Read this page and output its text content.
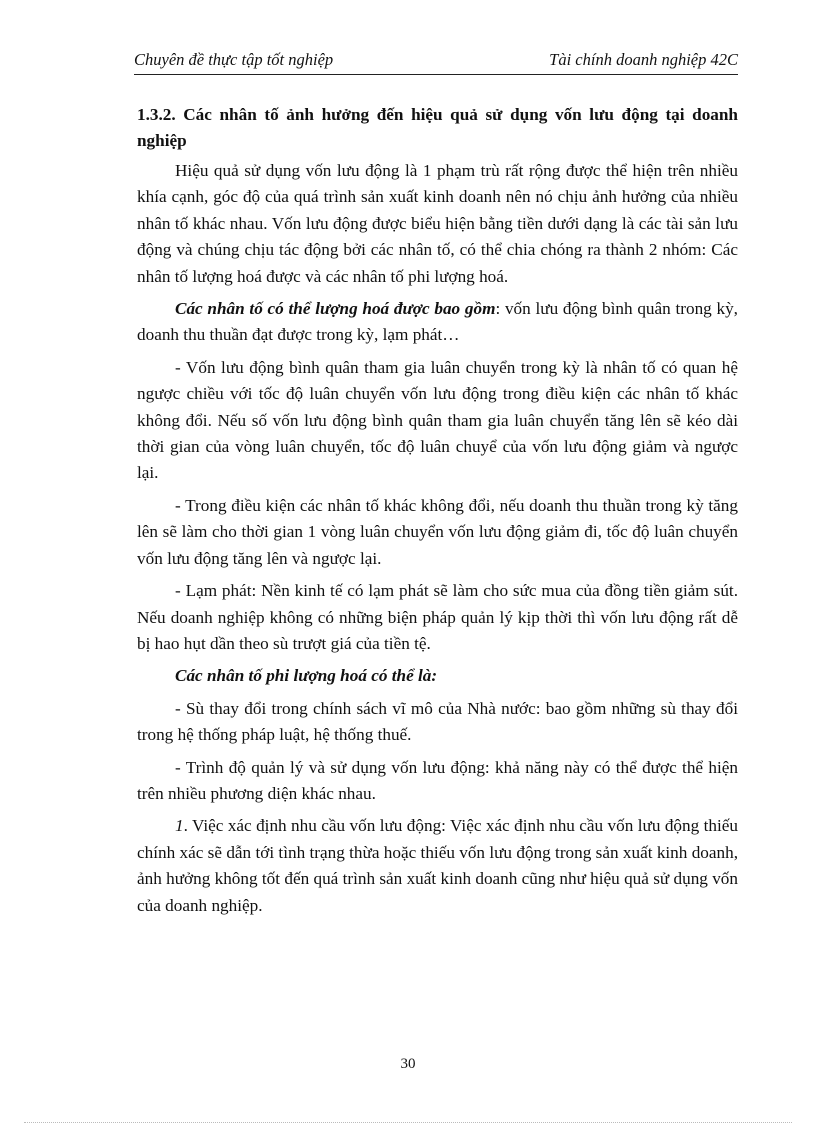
Chuyên đề thực tập tốt nghiệp	Tài chính doanh nghiệp 42C

1.3.2. Các nhân tố ảnh hưởng đến hiệu quả sử dụng vốn lưu động tại doanh nghiệp

Hiệu quả sử dụng vốn lưu động là 1 phạm trù rất rộng được thể hiện trên nhiều khía cạnh, góc độ của quá trình sản xuất kinh doanh nên nó chịu ảnh hưởng của nhiều nhân tố khác nhau. Vốn lưu động được biểu hiện bằng tiền dưới dạng là các tài sản lưu động và chúng chịu tác động bởi các nhân tố, có thể chia chóng ra thành 2 nhóm: Các nhân tố lượng hoá được và các nhân tố phi lượng hoá.

Các nhân tố có thể lượng hoá được bao gồm: vốn lưu động bình quân trong kỳ, doanh thu thuần đạt được trong kỳ, lạm phát…

- Vốn lưu động bình quân tham gia luân chuyển trong kỳ là nhân tố có quan hệ ngược chiều với tốc độ luân chuyển vốn lưu động trong điều kiện các nhân tố khác không đổi. Nếu số vốn lưu động bình quân tham gia luân chuyển tăng lên sẽ kéo dài thời gian của vòng luân chuyển, tốc độ luân chuyể của vốn lưu động giảm và ngược lại.

- Trong điều kiện các nhân tố khác không đổi, nếu doanh thu thuần trong kỳ tăng lên sẽ làm cho thời gian 1 vòng luân chuyển vốn lưu động giảm đi, tốc độ luân chuyển vốn lưu động tăng lên và ngược lại.

- Lạm phát: Nền kinh tế có lạm phát sẽ làm cho sức mua của đồng tiền giảm sút. Nếu doanh nghiệp không có những biện pháp quản lý kịp thời thì vốn lưu động rất dễ bị hao hụt dần theo sù trượt giá của tiền tệ.

Các nhân tố phi lượng hoá có thể là:

- Sù thay đổi trong chính sách vĩ mô của Nhà nước: bao gồm những sù thay đổi trong hệ thống pháp luật, hệ thống thuế.

- Trình độ quản lý và sử dụng vốn lưu động: khả năng này có thể được thể hiện trên nhiều phương diện khác nhau.

1. Việc xác định nhu cầu vốn lưu động: Việc xác định nhu cầu vốn lưu động thiếu chính xác sẽ dẫn tới tình trạng thừa hoặc thiếu vốn lưu động trong sản xuất kinh doanh, ảnh hưởng không tốt đến quá trình sản xuất kinh doanh cũng như hiệu quả sử dụng vốn của doanh nghiệp.

30
